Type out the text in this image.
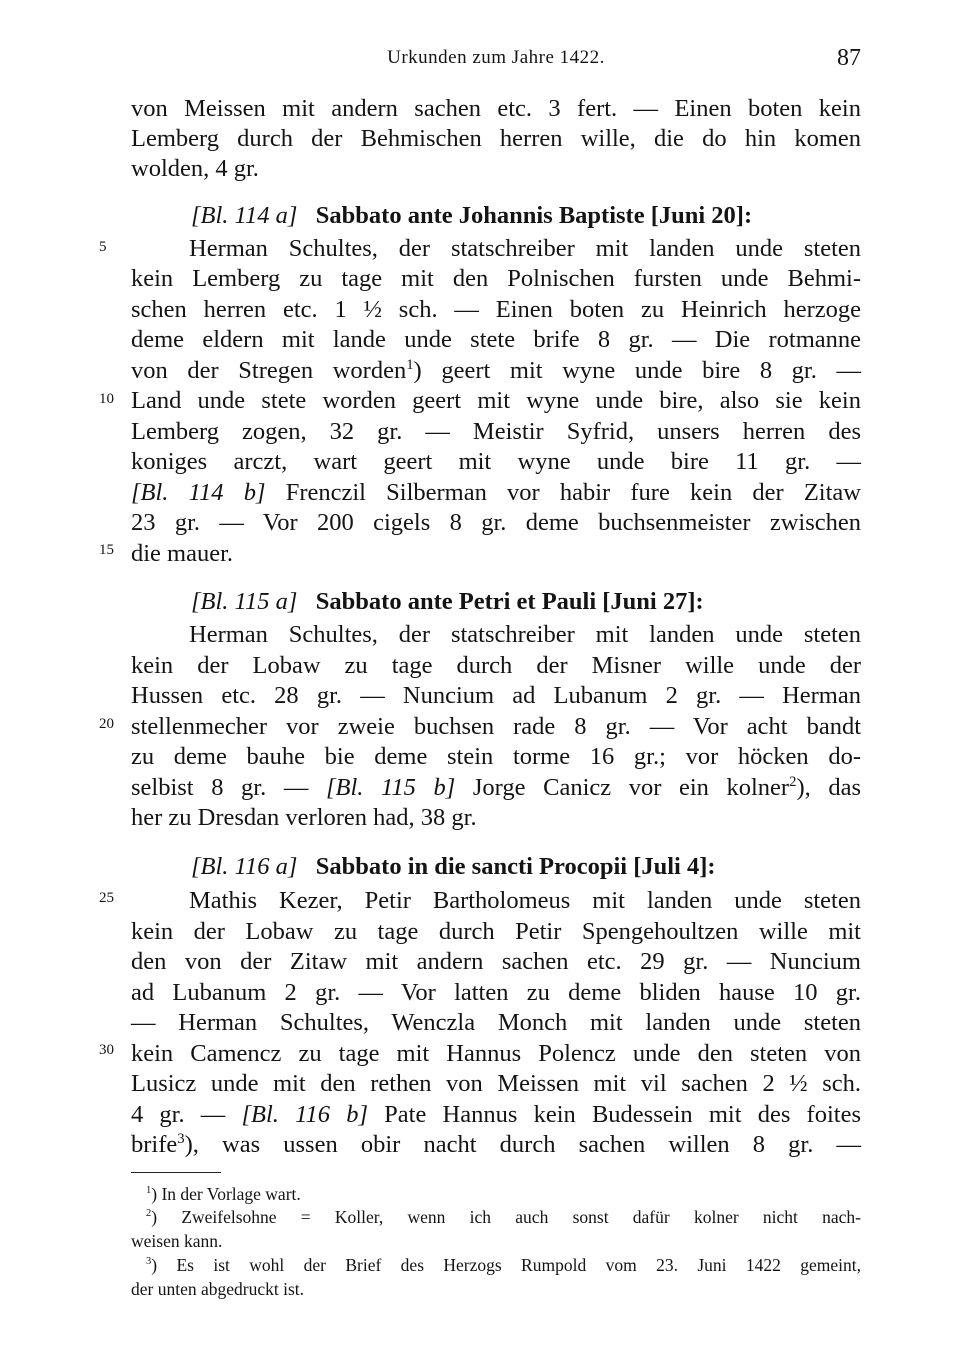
Urkunden zum Jahre 1422.	87
5
10
15
20
25
30
von Meissen mit andern sachen etc. 3 fert. — Einen boten kein
Lemberg durch der Behmischen herren wille, die do hin komen
wolden, 4 gr.
[Bl. 114 a] Sabbato ante Johannis Baptiste [Juni 20]:
Herman Schultes, der statschreiber mit landen unde steten
kein Lemberg zu tage mit den Polnischen fursten unde Behmi-
schen herren etc. 1 ½ sch. — Einen boten zu Heinrich herzoge
deme eldern mit lande unde stete brife 8 gr. — Die rotmanne
von der Stregen worden$^1$) geert mit wyne unde bire 8 gr. —
Land unde stete worden geert mit wyne unde bire, also sie kein
Lemberg zogen, 32 gr. — Meistir Syfrid, unsers herren des
koniges arczt, wart geert mit wyne unde bire 11 gr. —
[Bl. 114 b] Frenczil Silberman vor habir fure kein der Zitaw
23 gr. — Vor 200 cigels 8 gr. deme buchsenmeister zwischen
die mauer.
[Bl. 115 a] Sabbato ante Petri et Pauli [Juni 27]:
Herman Schultes, der statschreiber mit landen unde steten
kein der Lobaw zu tage durch der Misner wille unde der
Hussen etc. 28 gr. — Nuncium ad Lubanum 2 gr. — Herman
stellenmecher vor zweie buchsen rade 8 gr. — Vor acht bandt
zu deme bauhe bie deme stein torme 16 gr.; vor höcken do-
selbist 8 gr. — [Bl. 115 b] Jorge Canicz vor ein kolner$^2$), das
her zu Dresdan verloren had, 38 gr.
[Bl. 116 a] Sabbato in die sancti Procopii [Juli 4]:
Mathis Kezer, Petir Bartholomeus mit landen unde steten
kein der Lobaw zu tage durch Petir Spengehoultzen wille mit
den von der Zitaw mit andern sachen etc. 29 gr. — Nuncium
ad Lubanum 2 gr. — Vor latten zu deme bliden hause 10 gr.
— Herman Schultes, Wenczla Monch mit landen unde steten
kein Camencz zu tage mit Hannus Polencz unde den steten von
Lusicz unde mit den rethen von Meissen mit vil sachen 2 ½ sch.
4 gr. — [Bl. 116 b] Pate Hannus kein Budessein mit des foites
brife$^3$), was ussen obir nacht durch sachen willen 8 gr. —
$^1$) In der Vorlage wart.
$^2$) Zweifelsohne = Koller, wenn ich auch sonst dafür kolner nicht nach-
weisen kann.
$^3$) Es ist wohl der Brief des Herzogs Rumpold vom 23. Juni 1422 gemeint,
der unten abgedruckt ist.
